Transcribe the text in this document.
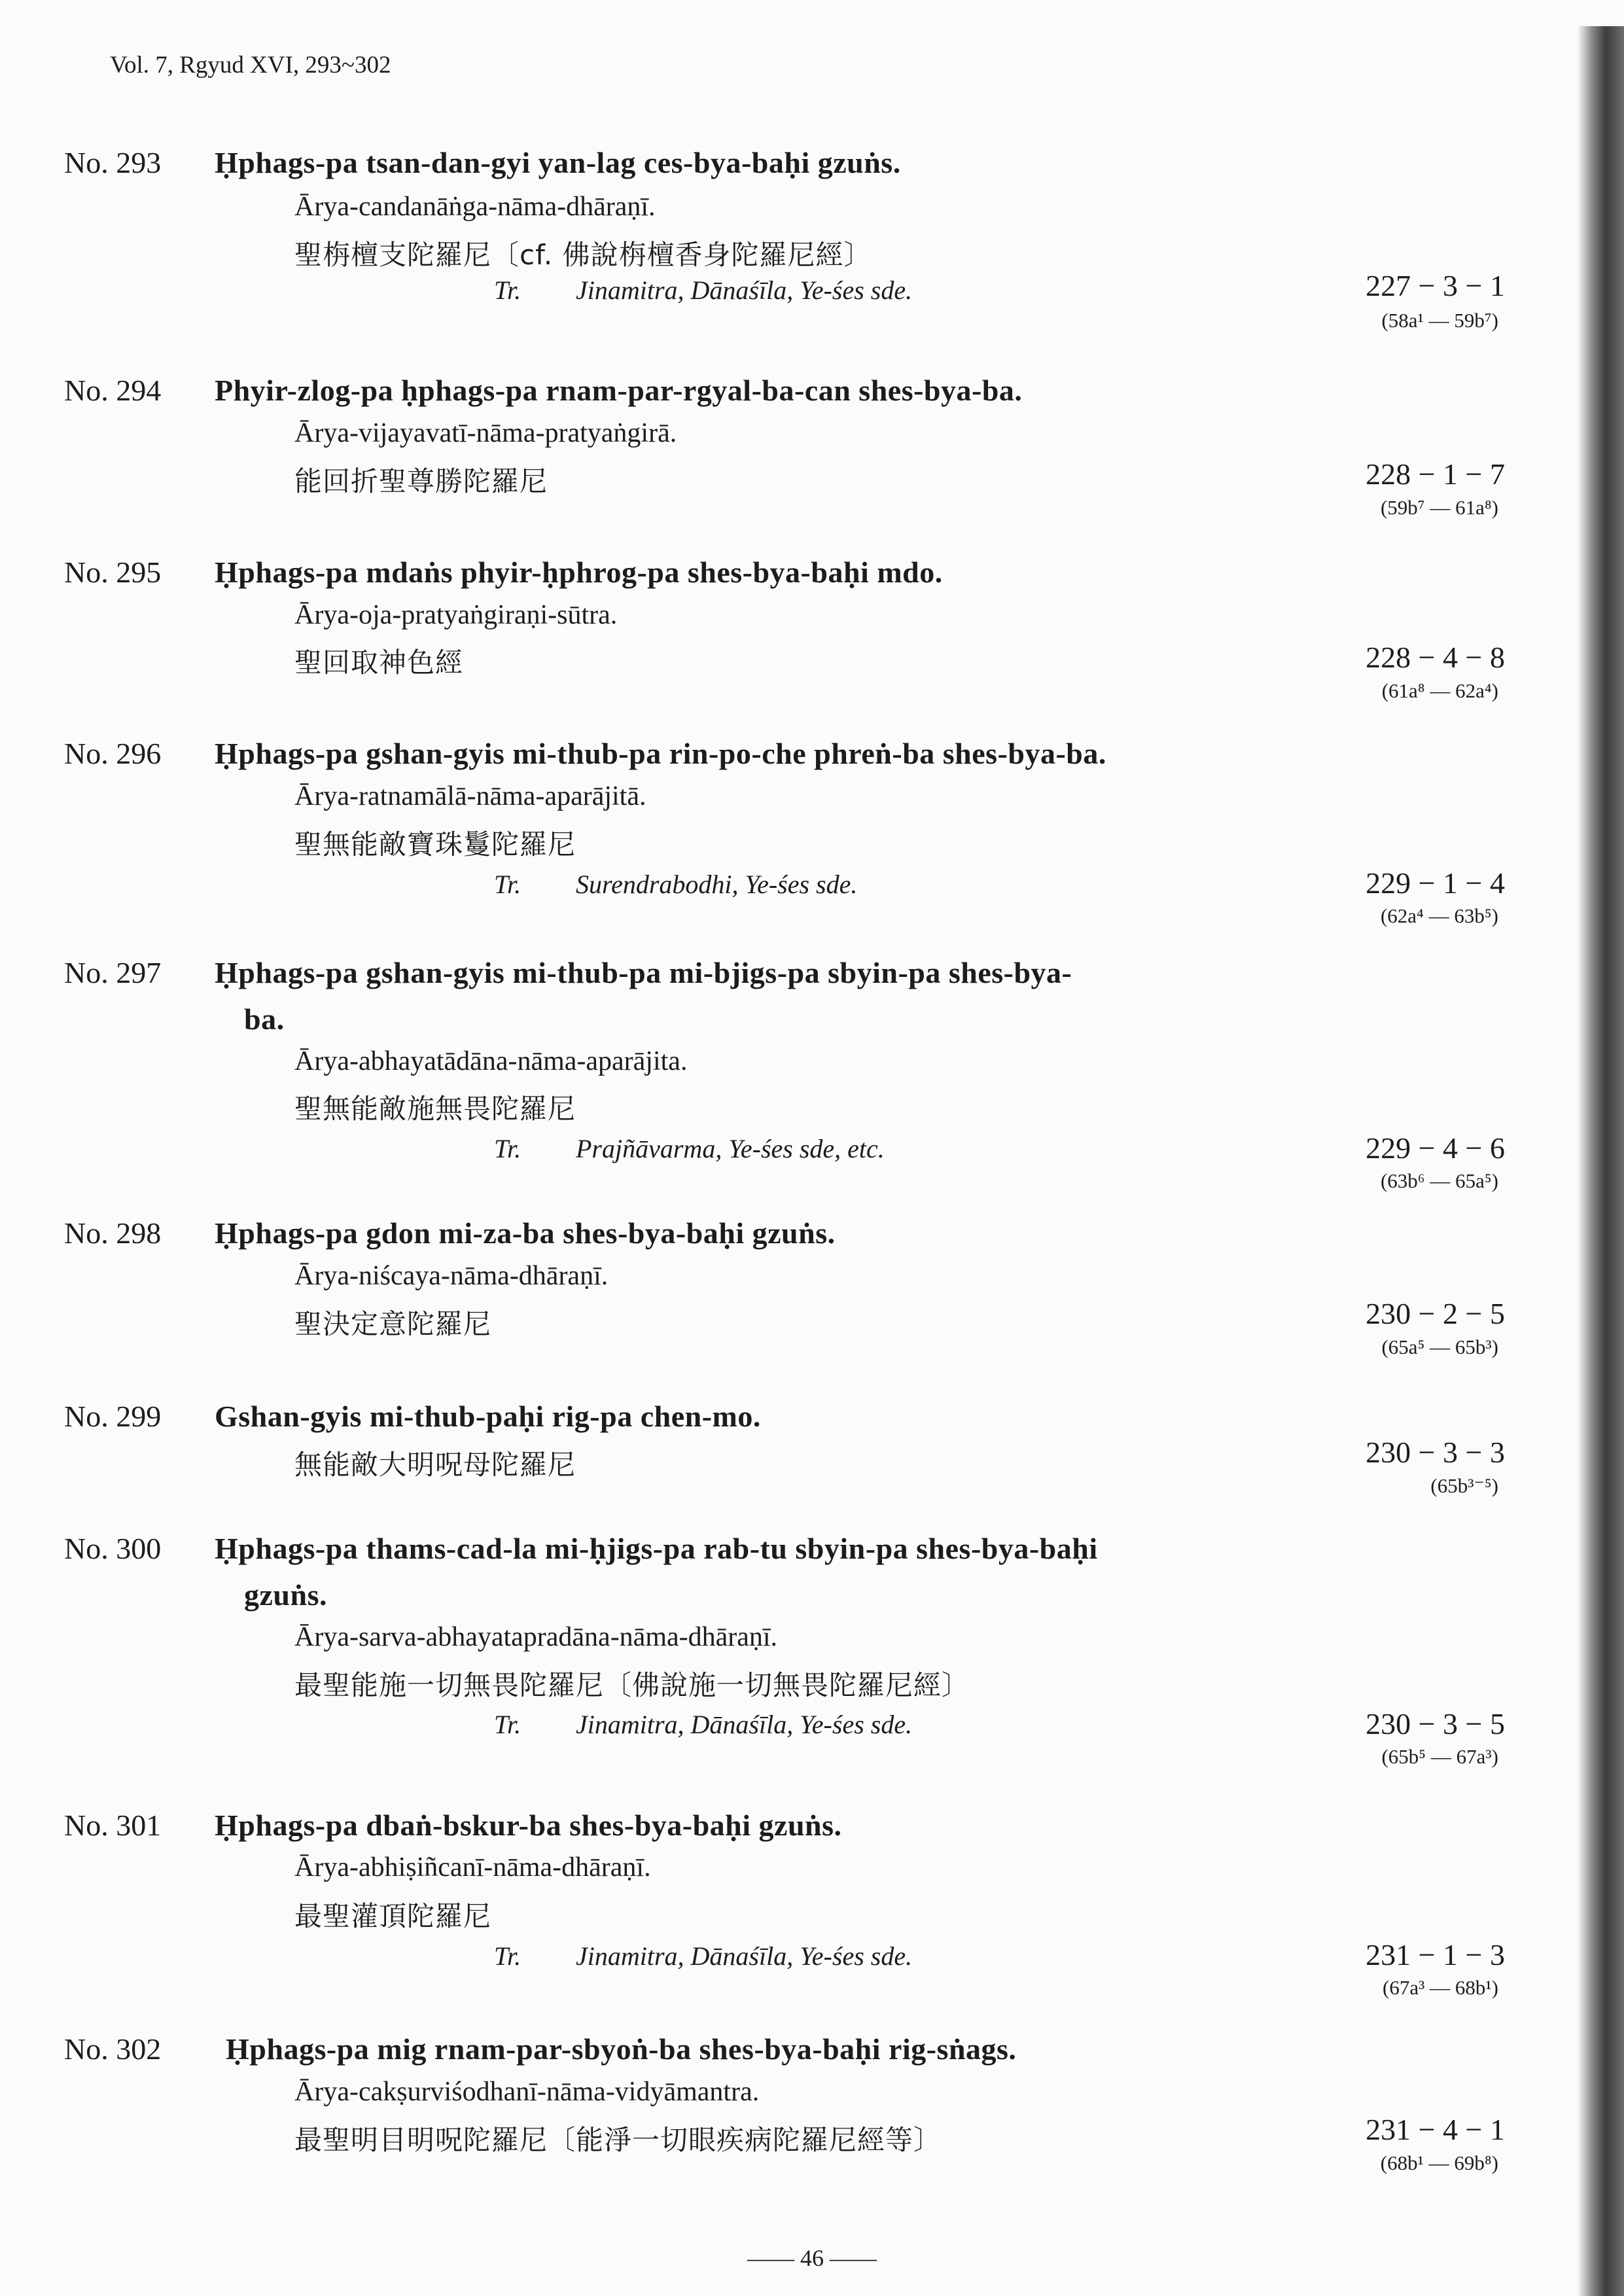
Vol. 7, Rgyud XVI, 293~302
No. 293 Ḥphags-pa tsan-dan-gyi yan-lag ces-bya-baḥi gzuṅs.
Ārya-candanāṅga-nāma-dhāraṇī.
聖栴檀支陀羅尼〔cf. 佛說栴檀香身陀羅尼經〕
Tr. Jinamitra, Dānaśīla, Ye-śes sde.	227 − 3 − 1
(58a¹ — 59b⁷)
No. 294 Phyir-zlog-pa ḥphags-pa rnam-par-rgyal-ba-can shes-bya-ba.
Ārya-vijayavatī-nāma-pratyaṅgirā.
能回折聖尊勝陀羅尼	228 − 1 − 7
(59b⁷ — 61a⁸)
No. 295 Ḥphags-pa mdaṅs phyir-ḥphrog-pa shes-bya-baḥi mdo.
Ārya-oja-pratyaṅgiraṇi-sūtra.
聖回取神色經	228 − 4 − 8
(61a⁸ — 62a⁴)
No. 296 Ḥphags-pa gshan-gyis mi-thub-pa rin-po-che phreṅ-ba shes-bya-ba.
Ārya-ratnamālā-nāma-aparājitā.
聖無能敵寶珠鬘陀羅尼
Tr. Surendrabodhi, Ye-śes sde.	229 − 1 − 4
(62a⁴ — 63b⁵)
No. 297 Ḥphags-pa gshan-gyis mi-thub-pa mi-bjigs-pa sbyin-pa shes-bya-
ba.
Ārya-abhayatādāna-nāma-aparājita.
聖無能敵施無畏陀羅尼
Tr. Prajñāvarma, Ye-śes sde, etc.	229 − 4 − 6
(63b⁶ — 65a⁵)
No. 298 Ḥphags-pa gdon mi-za-ba shes-bya-baḥi gzuṅs.
Ārya-niścaya-nāma-dhāraṇī.
聖決定意陀羅尼	230 − 2 − 5
(65a⁵ — 65b³)
No. 299 Gshan-gyis mi-thub-paḥi rig-pa chen-mo.
無能敵大明呪母陀羅尼	230 − 3 − 3
(65b³⁻⁵)
No. 300 Ḥphags-pa thams-cad-la mi-ḥjigs-pa rab-tu sbyin-pa shes-bya-baḥi
gzuṅs.
Ārya-sarva-abhayatapradāna-nāma-dhāraṇī.
最聖能施一切無畏陀羅尼〔佛說施一切無畏陀羅尼經〕
Tr. Jinamitra, Dānaśīla, Ye-śes sde.	230 − 3 − 5
(65b⁵ — 67a³)
No. 301 Ḥphags-pa dbaṅ-bskur-ba shes-bya-baḥi gzuṅs.
Ārya-abhiṣiñcanī-nāma-dhāraṇī.
最聖灌頂陀羅尼
Tr. Jinamitra, Dānaśīla, Ye-śes sde.	231 − 1 − 3
(67a³ — 68b¹)
No. 302 Ḥphags-pa mig rnam-par-sbyoṅ-ba shes-bya-baḥi rig-sṅags.
Ārya-cakṣurviśodhanī-nāma-vidyāmantra.
最聖明目明呪陀羅尼〔能淨一切眼疾病陀羅尼經等〕	231 − 4 − 1
(68b¹ — 69b⁸)
—— 46 ——
